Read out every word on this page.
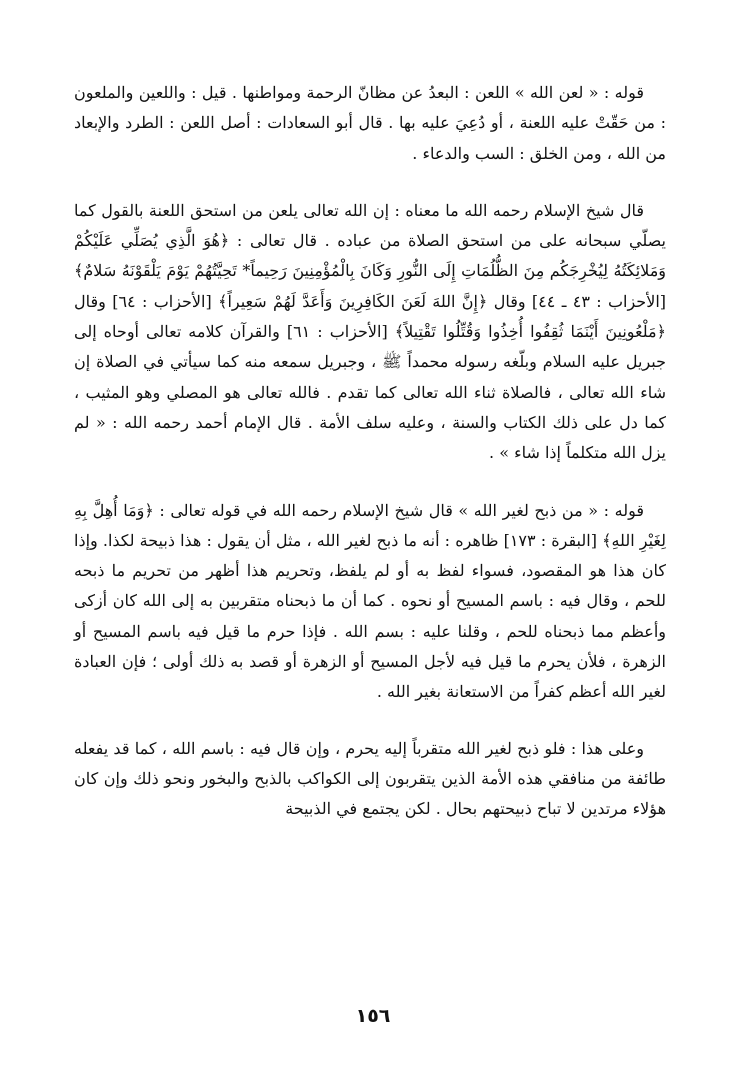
قوله : « لعن الله » اللعن : البعدُ عن مظانّ الرحمة ومواطنها . قيل : واللعين والملعون : من حَقّتْ عليه اللعنة ، أو دُعِيَ عليه بها . قال أبو السعادات : أصل اللعن : الطرد والإبعاد من الله ، ومن الخلق : السب والدعاء .

قال شيخ الإسلام رحمه الله ما معناه : إن الله تعالى يلعن من استحق اللعنة بالقول كما يصلّي سبحانه على من استحق الصلاة من عباده . قال تعالى : ﴿هُوَ الَّذِي يُصَلِّي عَلَيْكُمْ وَمَلائِكَتُهُ لِيُخْرِجَكُم مِنَ الظُّلُمَاتِ إِلَى النُّورِ وَكَانَ بِالْمُؤْمِنِينَ رَحِيماً* تَحِيَّتُهُمْ يَوْمَ يَلْقَوْنَهُ سَلامٌ﴾ [الأحزاب : ٤٣ ـ ٤٤] وقال ﴿إِنَّ اللهَ لَعَنَ الكَافِرِينَ وَأَعَدَّ لَهُمْ سَعِيراً﴾ [الأحزاب : ٦٤] وقال ﴿مَلْعُونِينَ أَيْنَمَا ثُقِفُوا أُخِذُوا وَقُتِّلُوا تَقْتِيلاً﴾ [الأحزاب : ٦١] والقرآن كلامه تعالى أوحاه إلى جبريل عليه السلام وبلّغه رسوله محمداً ﷺ ، وجبريل سمعه منه كما سيأتي في الصلاة إن شاء الله تعالى ، فالصلاة ثناء الله تعالى كما تقدم . فالله تعالى هو المصلي وهو المثيب ، كما دل على ذلك الكتاب والسنة ، وعليه سلف الأمة . قال الإمام أحمد رحمه الله : « لم يزل الله متكلماً إذا شاء » .

قوله : « من ذبح لغير الله » قال شيخ الإسلام رحمه الله في قوله تعالى : ﴿وَمَا أُهِلَّ بِهِ لِغَيْرِ اللهِ﴾ [البقرة : ١٧٣] ظاهره : أنه ما ذبح لغير الله ، مثل أن يقول : هذا ذبيحة لكذا. وإذا كان هذا هو المقصود، فسواء لفظ به أو لم يلفظ، وتحريم هذا أظهر من تحريم ما ذبحه للحم ، وقال فيه : باسم المسيح أو نحوه . كما أن ما ذبحناه متقربين به إلى الله كان أزكى وأعظم مما ذبحناه للحم ، وقلنا عليه : بسم الله . فإذا حرم ما قيل فيه باسم المسيح أو الزهرة ، فلأن يحرم ما قيل فيه لأجل المسيح أو الزهرة أو قصد به ذلك أولى ؛ فإن العبادة لغير الله أعظم كفراً من الاستعانة بغير الله .

وعلى هذا : فلو ذبح لغير الله متقرباً إليه يحرم ، وإن قال فيه : باسم الله ، كما قد يفعله طائفة من منافقي هذه الأمة الذين يتقربون إلى الكواكب بالذبح والبخور ونحو ذلك وإن كان هؤلاء مرتدين لا تباح ذبيحتهم بحال . لكن يجتمع في الذبيحة

١٥٦
